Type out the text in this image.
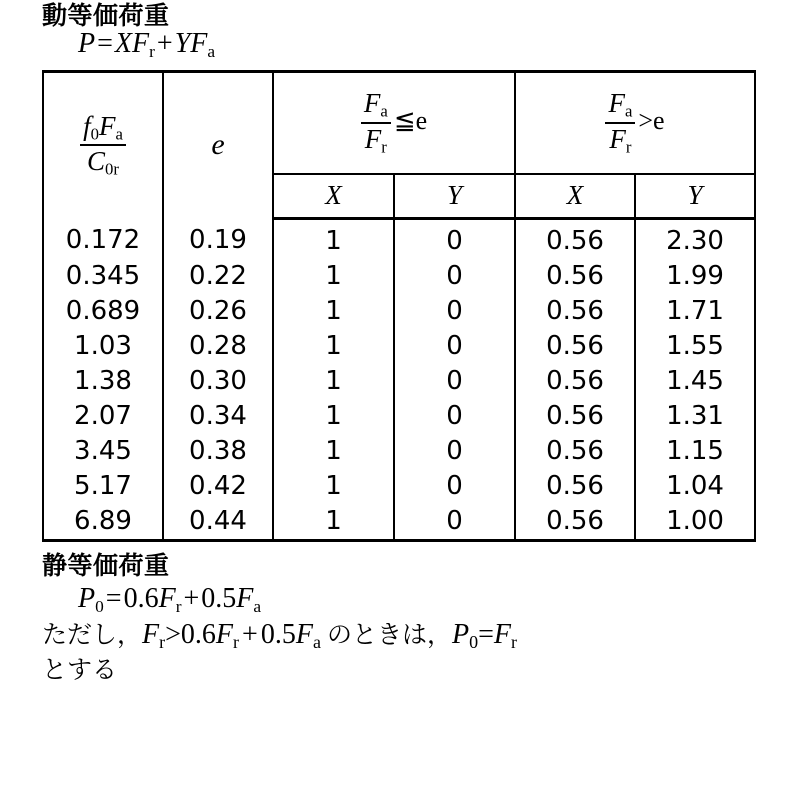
動等価荷重
$P=XF_r+YF_a$
$\frac{f_0F_a}{C_{0r}}$	e	$\frac{F_a}{F_r}$ ≦e		$\frac{F_a}{F_r} >e$	
		X	Y	X	Y
0.172	0.19	1	0	0.56	2.30
0.345	0.22	1	0	0.56	1.99
0.689	0.26	1	0	0.56	1.71
1.03	0.28	1	0	0.56	1.55
1.38	0.30	1	0	0.56	1.45
2.07	0.34	1	0	0.56	1.31
3.45	0.38	1	0	0.56	1.15
5.17	0.42	1	0	0.56	1.04
6.89	0.44	1	0	0.56	1.00
静等価荷重
$P_0=0.6F_r+0.5F_a$
ただし，$F_r>0.6F_r + 0.5F_a$ のときは，$P_0=F_r$
とする
